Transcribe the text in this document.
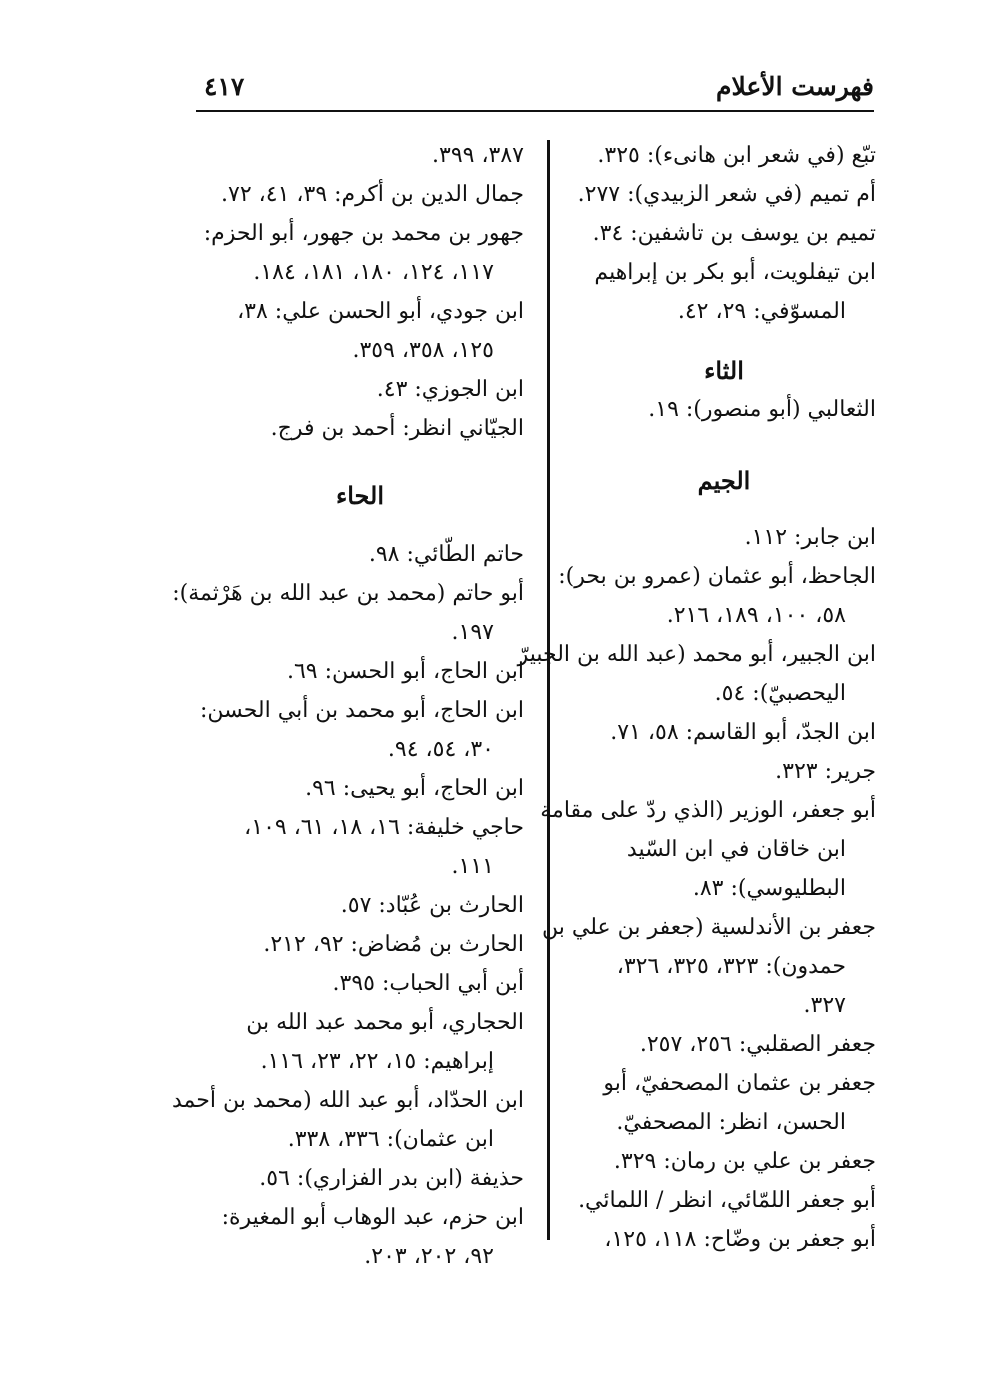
فهرست الأعلام
٤١٧

تبّع (في شعر ابن هانىء): ٣٢٥.

أم تميم (في شعر الزبيدي): ٢٧٧.

تميم بن يوسف بن تاشفين: ٣٤.

ابن تيفلويت، أبو بكر بن إبراهيم
المسوّفي: ٢٩، ٤٢.

الثاء

الثعالبي (أبو منصور): ١٩.

الجيم

ابن جابر: ١١٢.

الجاحظ، أبو عثمان (عمرو بن بحر):
٥٨، ١٠٠، ١٨٩، ٢١٦.

ابن الجبير، أبو محمد (عبد الله بن الجبيرّ
اليحصبيّ): ٥٤.

ابن الجدّ، أبو القاسم: ٥٨، ٧١.

جرير: ٣٢٣.

أبو جعفر، الوزير (الذي ردّ على مقامة
ابن خاقان في ابن السّيد
البطليوسي): ٨٣.

جعفر بن الأندلسية (جعفر بن علي بن
حمدون): ٣٢٣، ٣٢٥، ٣٢٦،
٣٢٧.

جعفر الصقلبي: ٢٥٦، ٢٥٧.

جعفر بن عثمان المصحفيّ، أبو
الحسن، انظر: المصحفيّ.

جعفر بن علي بن رمان: ٣٢٩.

أبو جعفر اللمّائي، انظر / اللمائي.

أبو جعفر بن وضّاح: ١١٨، ١٢٥،

٣٨٧، ٣٩٩.

جمال الدين بن أكرم: ٣٩، ٤١، ٧٢.

جهور بن محمد بن جهور، أبو الحزم:
١١٧، ١٢٤، ١٨٠، ١٨١، ١٨٤.

ابن جودي، أبو الحسن علي: ٣٨،
١٢٥، ٣٥٨، ٣٥٩.

ابن الجوزي: ٤٣.

الجيّاني انظر: أحمد بن فرج.

الحاء

حاتم الطّائي: ٩٨.

أبو حاتم (محمد بن عبد الله بن هَرْثمة):
١٩٧.

ابن الحاج، أبو الحسن: ٦٩.

ابن الحاج، أبو محمد بن أبي الحسن:
٣٠، ٥٤، ٩٤.

ابن الحاج، أبو يحيى: ٩٦.

حاجي خليفة: ١٦، ١٨، ٦١، ١٠٩،
١١١.

الحارث بن عُبّاد: ٥٧.

الحارث بن مُضاض: ٩٢، ٢١٢.

أبن أبي الحباب: ٣٩٥.

الحجاري، أبو محمد عبد الله بن
إبراهيم: ١٥، ٢٢، ٢٣، ١١٦.

ابن الحدّاد، أبو عبد الله (محمد بن أحمد
ابن عثمان): ٣٣٦، ٣٣٨.

حذيفة (ابن بدر الفزاري): ٥٦.

ابن حزم، عبد الوهاب أبو المغيرة:
٩٢، ٢٠٢، ٢٠٣.
